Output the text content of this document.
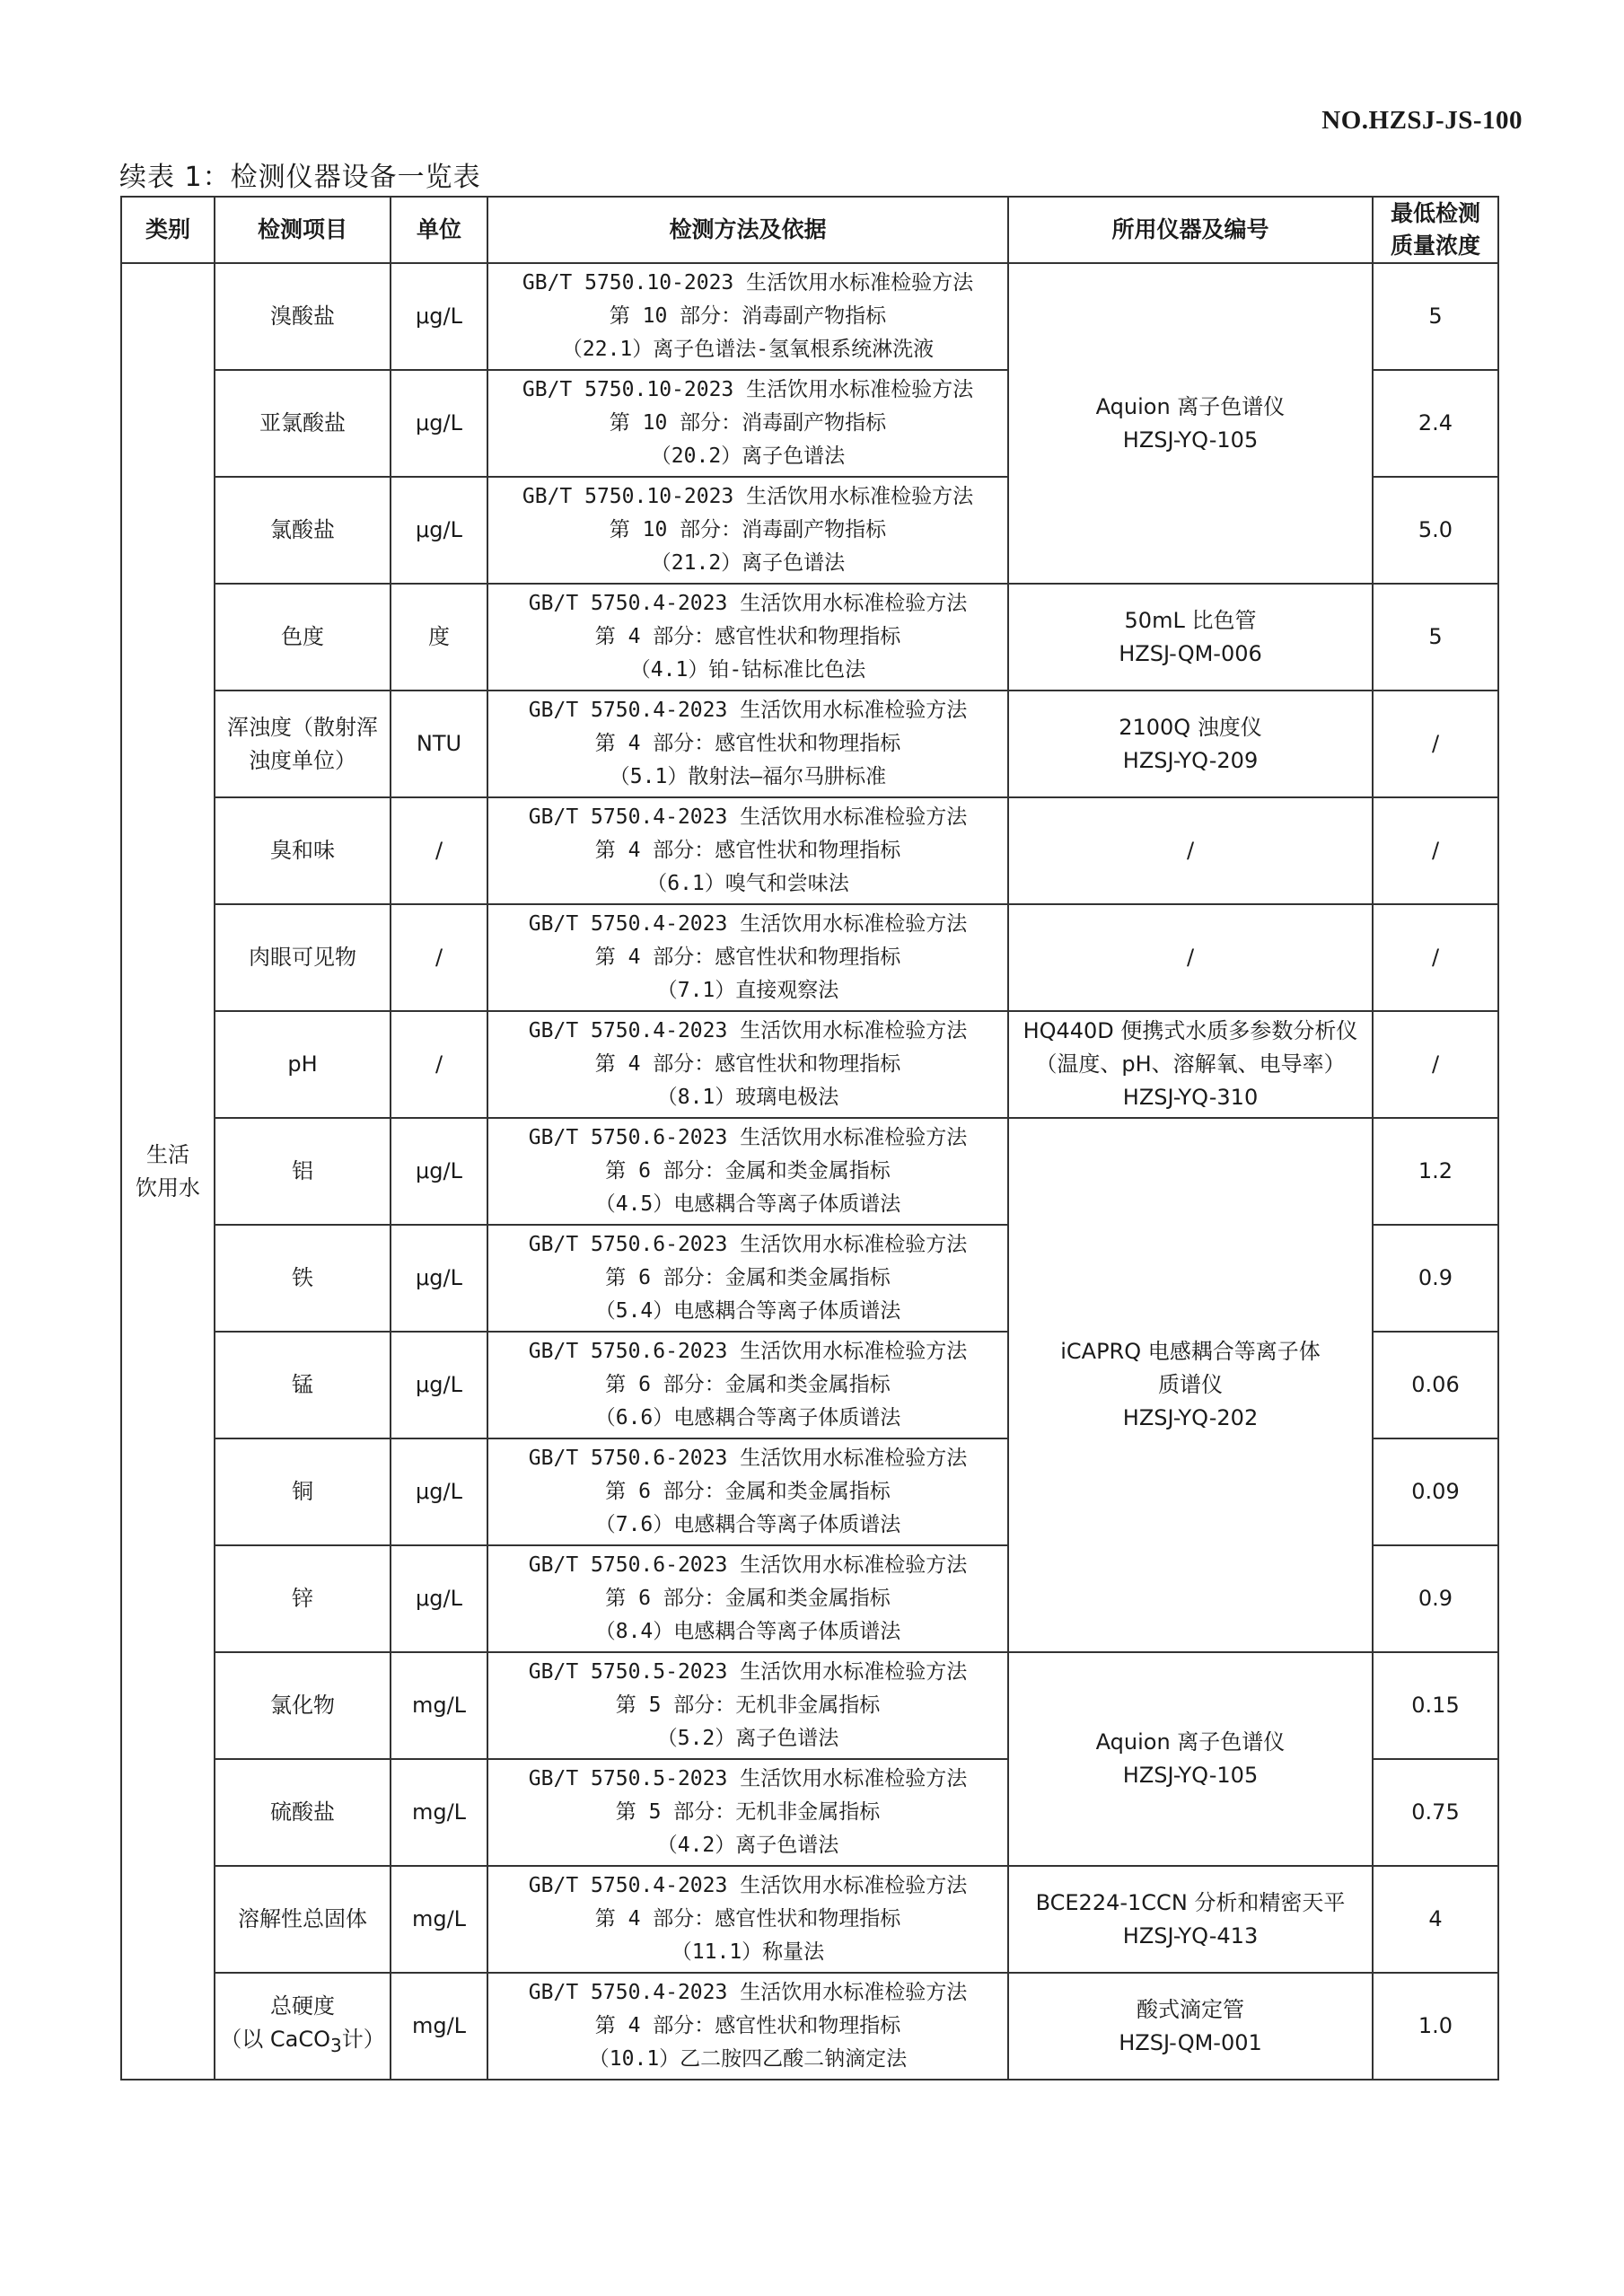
NO.HZSJ-JS-100
续表 1：检测仪器设备一览表
类别	检测项目	单位	检测方法及依据	所用仪器及编号	最低检测
质量浓度

生活
饮用水	溴酸盐	μg/L	GB/T 5750.10-2023 生活饮用水标准检验方法
第 10 部分：消毒副产物指标
（22.1）离子色谱法-氢氧根系统淋洗液	Aquion 离子色谱仪
HZSJ-YQ-105	5
	亚氯酸盐	μg/L	GB/T 5750.10-2023 生活饮用水标准检验方法
第 10 部分：消毒副产物指标
（20.2）离子色谱法		2.4
	氯酸盐	μg/L	GB/T 5750.10-2023 生活饮用水标准检验方法
第 10 部分：消毒副产物指标
（21.2）离子色谱法		5.0
	色度	度	GB/T 5750.4-2023 生活饮用水标准检验方法
第 4 部分：感官性状和物理指标
（4.1）铂-钴标准比色法	50mL 比色管
HZSJ-QM-006	5

	浑浊度（散射浑
浊度单位）	NTU	GB/T 5750.4-2023 生活饮用水标准检验方法
第 4 部分：感官性状和物理指标
（5.1）散射法—福尔马肼标准	2100Q 浊度仪
HZSJ-YQ-209	/
	臭和味	/	GB/T 5750.4-2023 生活饮用水标准检验方法
第 4 部分：感官性状和物理指标
（6.1）嗅气和尝味法	/	/
	肉眼可见物	/	GB/T 5750.4-2023 生活饮用水标准检验方法
第 4 部分：感官性状和物理指标
（7.1）直接观察法	/	/
	pH	/	GB/T 5750.4-2023 生活饮用水标准检验方法
第 4 部分：感官性状和物理指标
（8.1）玻璃电极法	HQ440D 便携式水质多参数分析仪
（温度、pH、溶解氧、电导率）
HZSJ-YQ-310	/
	铝	μg/L	GB/T 5750.6-2023 生活饮用水标准检验方法
第 6 部分：金属和类金属指标
（4.5）电感耦合等离子体质谱法	iCAPRQ 电感耦合等离子体
质谱仪
HZSJ-YQ-202	1.2
	铁	μg/L	GB/T 5750.6-2023 生活饮用水标准检验方法
第 6 部分：金属和类金属指标
（5.4）电感耦合等离子体质谱法		0.9
	锰	μg/L	GB/T 5750.6-2023 生活饮用水标准检验方法
第 6 部分：金属和类金属指标
（6.6）电感耦合等离子体质谱法		0.06
	铜	μg/L	GB/T 5750.6-2023 生活饮用水标准检验方法
第 6 部分：金属和类金属指标
（7.6）电感耦合等离子体质谱法		0.09
	锌	μg/L	GB/T 5750.6-2023 生活饮用水标准检验方法
第 6 部分：金属和类金属指标
（8.4）电感耦合等离子体质谱法		0.9
	氯化物	mg/L	GB/T 5750.5-2023 生活饮用水标准检验方法
第 5 部分：无机非金属指标
（5.2）离子色谱法	Aquion 离子色谱仪
HZSJ-YQ-105	0.15
	硫酸盐	mg/L	GB/T 5750.5-2023 生活饮用水标准检验方法
第 5 部分：无机非金属指标
（4.2）离子色谱法		0.75
	溶解性总固体	mg/L	GB/T 5750.4-2023 生活饮用水标准检验方法
第 4 部分：感官性状和物理指标
（11.1）称量法	BCE224-1CCN 分析和精密天平
HZSJ-YQ-413	4

	总硬度
（以 CaCO$_3$计）	mg/L	GB/T 5750.4-2023 生活饮用水标准检验方法
第 4 部分：感官性状和物理指标
（10.1）乙二胺四乙酸二钠滴定法	酸式滴定管
HZSJ-QM-001	1.0
